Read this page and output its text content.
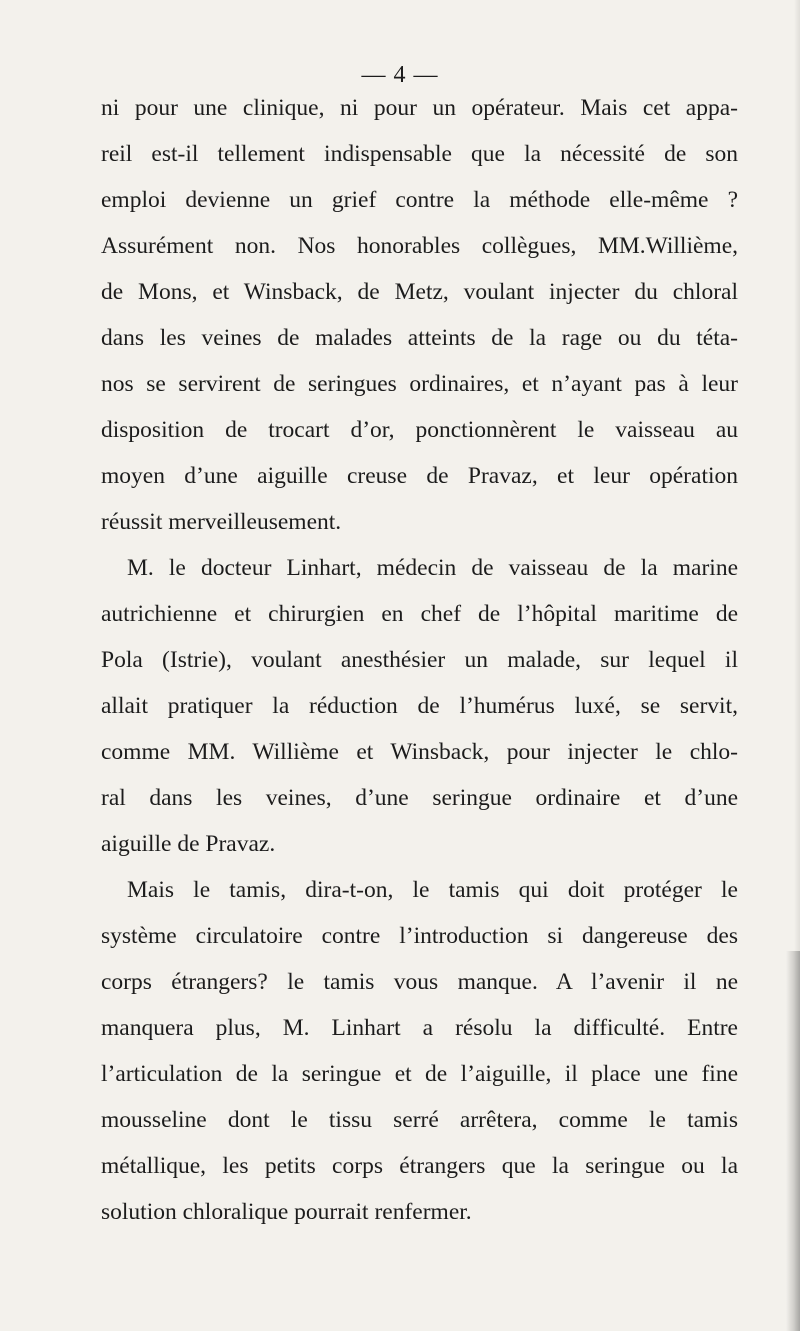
— 4 —
ni pour une clinique, ni pour un opérateur. Mais cet appa-
reil est-il tellement indispensable que la nécessité de son
emploi devienne un grief contre la méthode elle-même ?
Assurément non. Nos honorables collègues, MM.Willième,
de Mons, et Winsback, de Metz, voulant injecter du chloral
dans les veines de malades atteints de la rage ou du téta-
nos se servirent de seringues ordinaires, et n’ayant pas à leur
disposition de trocart d’or, ponctionnèrent le vaisseau au
moyen d’une aiguille creuse de Pravaz, et leur opération
réussit merveilleusement.
M. le docteur Linhart, médecin de vaisseau de la marine
autrichienne et chirurgien en chef de l’hôpital maritime de
Pola (Istrie), voulant anesthésier un malade, sur lequel il
allait pratiquer la réduction de l’humérus luxé, se servit,
comme MM. Willième et Winsback, pour injecter le chlo-
ral dans les veines, d’une seringue ordinaire et d’une
aiguille de Pravaz.
Mais le tamis, dira-t-on, le tamis qui doit protéger le
système circulatoire contre l’introduction si dangereuse des
corps étrangers? le tamis vous manque. A l’avenir il ne
manquera plus, M. Linhart a résolu la difficulté. Entre
l’articulation de la seringue et de l’aiguille, il place une fine
mousseline dont le tissu serré arrêtera, comme le tamis
métallique, les petits corps étrangers que la seringue ou la
solution chloralique pourrait renfermer.
